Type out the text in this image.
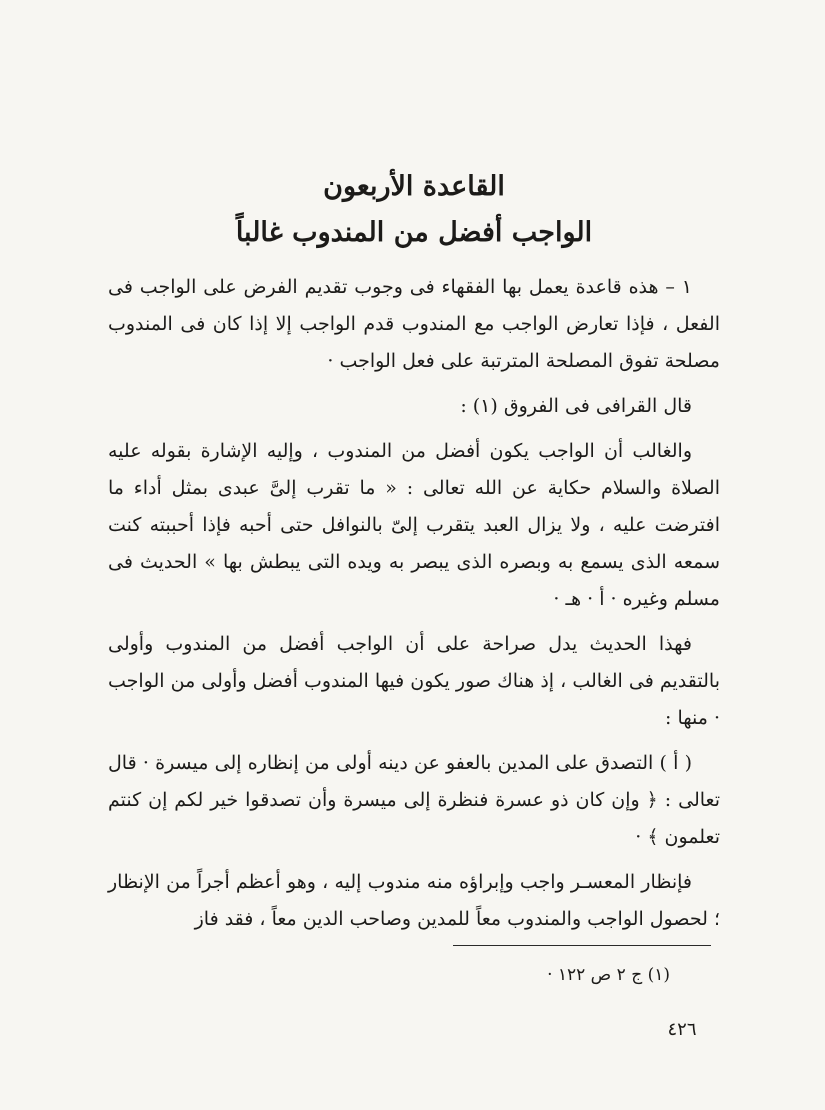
القاعدة الأربعون
الواجب أفضل من المندوب غالباً

١ – هذه قاعدة يعمل بها الفقهاء فى وجوب تقديم الفرض على الواجب فى الفعل ، فإذا تعارض الواجب مع المندوب قدم الواجب إلا إذا كان فى المندوب مصلحة تفوق المصلحة المترتبة على فعل الواجب ·

قال القرافى فى الفروق (١) :

والغالب أن الواجب يكون أفضل من المندوب ، وإليه الإشارة بقوله عليه الصلاة والسلام حكاية عن الله تعالى : « ما تقرب إلىَّ عبدى بمثل أداء ما افترضت عليه ، ولا يزال العبد يتقرب إلىّ بالنوافل حتى أحبه فإذا أحببته كنت سمعه الذى يسمع به وبصره الذى يبصر به ويده التى يبطش بها » الحديث فى مسلم وغيره · أ · هـ ·

فهذا الحديث يدل صراحة على أن الواجب أفضل من المندوب وأولى بالتقديم فى الغالب ، إذ هناك صور يكون فيها المندوب أفضل وأولى من الواجب · منها :

( أ ) التصدق على المدين بالعفو عن دينه أولى من إنظاره إلى ميسرة · قال تعالى : ﴿ وإن كان ذو عسرة فنظرة إلى ميسرة وأن تصدقوا خير لكم إن كنتم تعلمون ﴾ ·

فإنظار المعسـر واجب وإبراؤه منه مندوب إليه ، وهو أعظم أجراً من الإنظار ؛ لحصول الواجب والمندوب معاً للمدين وصاحب الدين معاً ، فقد فاز

(١) ج ٢ ص ١٢٢ ·
٤٢٦
